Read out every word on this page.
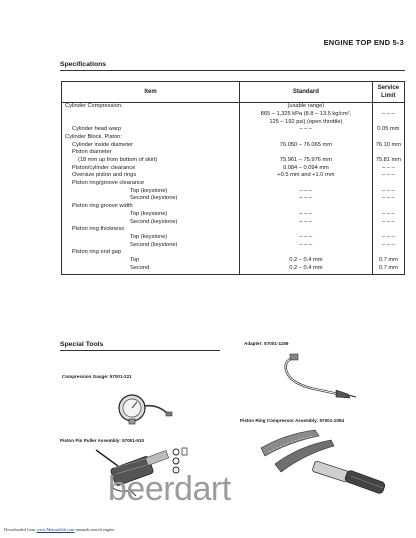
ENGINE TOP END 5-3
Specifications
Item	Standard	Service Limit
Cylinder Compression:	(usable range)	
	865 – 1,325 kPa (8.8 – 13.5 kg/cm²,	– – –
	125 – 192 psi) (open throttle)	
Cylinder head warp	– – –	0.05 mm
Cylinder Block, Piston:		
Cylinder inside diameter	76.050 – 76.065 mm	76.10 mm
Piston diameter		
(18 mm up from bottom of skirt)	75.961 – 75.976 mm	75.81 mm
Piston/cylinder clearance	0.084 – 0.094 mm	– – –
Oversize piston and rings	+0.5 mm and +1.0 mm	– – –
Piston ring/groove clearance		
Top (keystone)	– – –	– – –
Second (keystone)	– – –	– – –
Piston ring groove width		
Top (keystone)	– – –	– – –
Second (keystone)	– – –	– – –
Piston ring thickness		
Top (keystone)	– – –	– – –
Second (keystone)	– – –	– – –
Piston ring end gap		
Top	0.2 – 0.4 mm	0.7 mm
Second	0.2 – 0.4 mm	0.7 mm
Special Tools
Compression Gauge: 57001-221
Adapter: 57001-1159
Piston Ring Compressor Assembly: 57001-1094
Piston Pin Puller Assembly: 57001-910
beerdart
Downloaded from www.Manualslib.com manuals search engine
